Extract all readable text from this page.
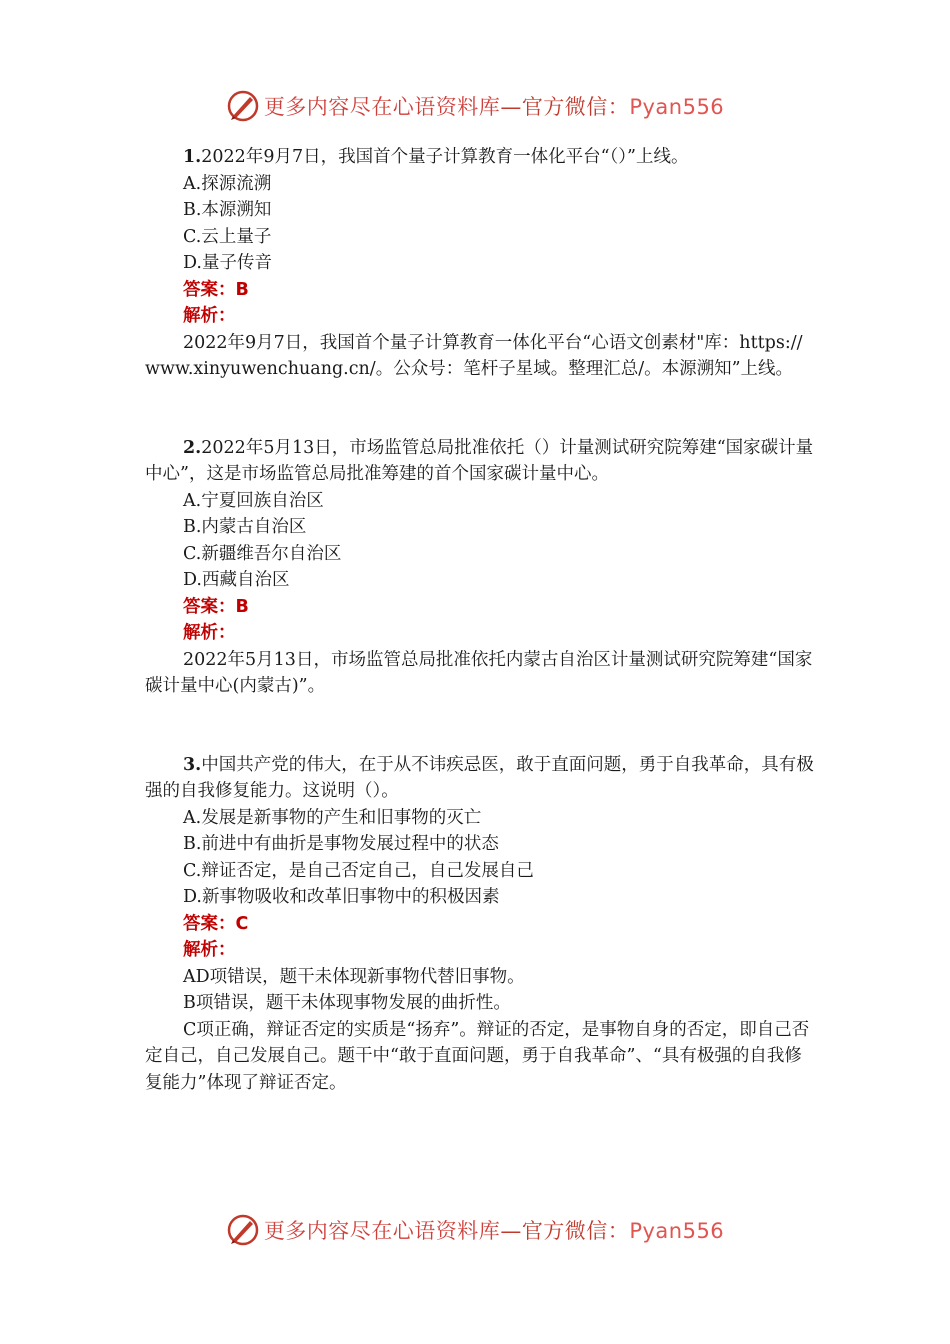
更多内容尽在心语资料库—官方微信：Pyan556
1.2022年9月7日，我国首个量子计算教育一体化平台“（）”上线。
A.探源流溯
B.本源溯知
C.云上量子
D.量子传音
答案：B
解析：
2022年9月7日，我国首个量子计算教育一体化平台“心语文创素材"库：https://www.xinyuwenchuang.cn/。公众号：笔杆子星域。整理汇总/。本源溯知”上线。
2.2022年5月13日，市场监管总局批准依托（）计量测试研究院筹建“国家碳计量中心”，这是市场监管总局批准筹建的首个国家碳计量中心。
A.宁夏回族自治区
B.内蒙古自治区
C.新疆维吾尔自治区
D.西藏自治区
答案：B
解析：
2022年5月13日，市场监管总局批准依托内蒙古自治区计量测试研究院筹建“国家碳计量中心(内蒙古)”。
3.中国共产党的伟大，在于从不讳疾忌医，敢于直面问题，勇于自我革命，具有极强的自我修复能力。这说明（）。
A.发展是新事物的产生和旧事物的灭亡
B.前进中有曲折是事物发展过程中的状态
C.辩证否定，是自己否定自己，自己发展自己
D.新事物吸收和改革旧事物中的积极因素
答案：C
解析：
AD项错误，题干未体现新事物代替旧事物。
B项错误，题干未体现事物发展的曲折性。
C项正确，辩证否定的实质是“扬弃”。辩证的否定，是事物自身的否定，即自己否定自己，自己发展自己。题干中“敢于直面问题，勇于自我革命”、“具有极强的自我修复能力”体现了辩证否定。
更多内容尽在心语资料库—官方微信：Pyan556
